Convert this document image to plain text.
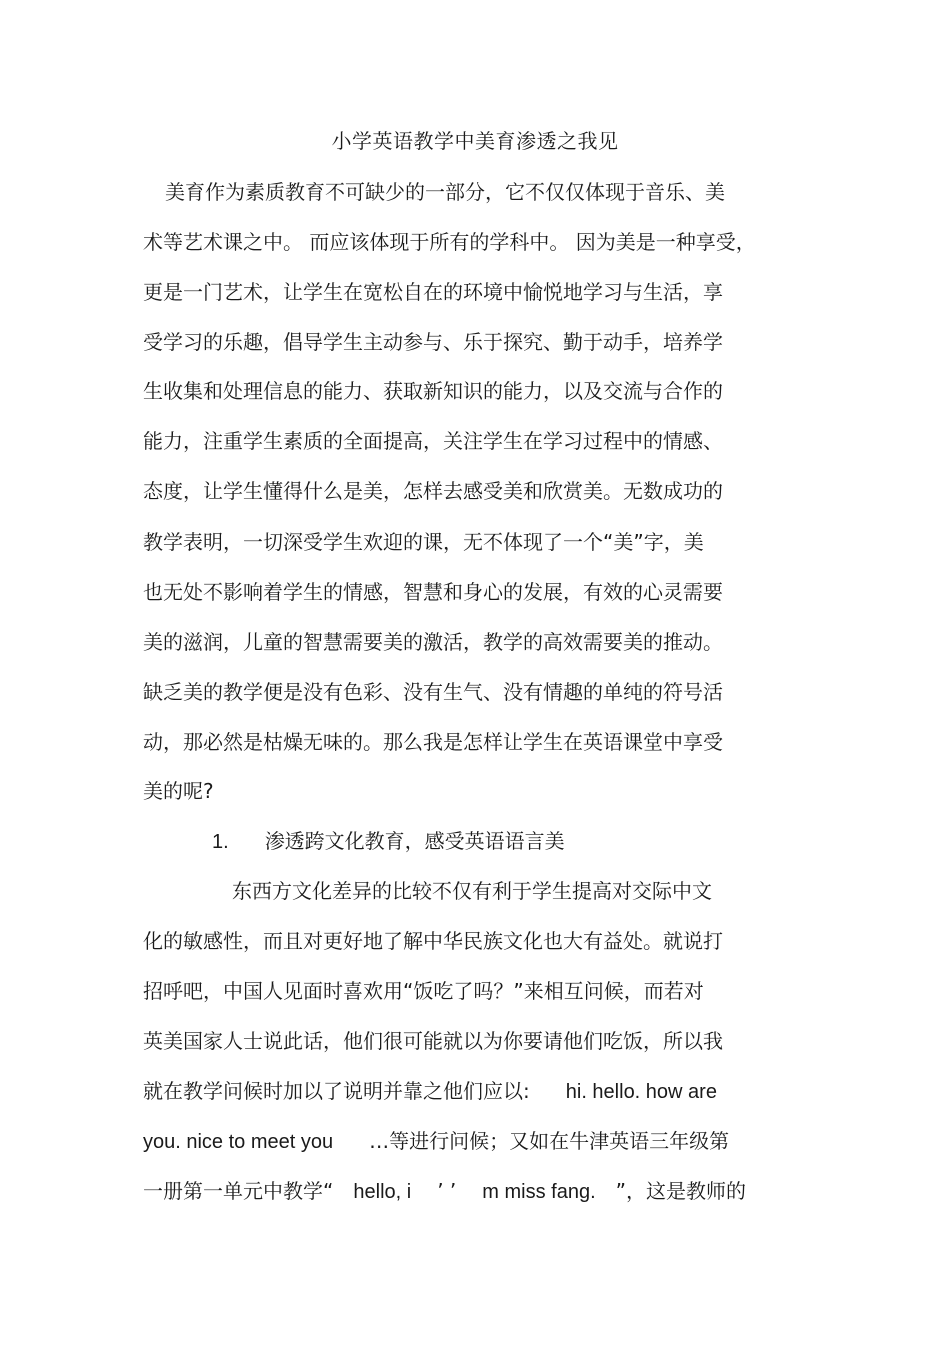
小学英语教学中美育渗透之我见
美育作为素质教育不可缺少的一部分，它不仅仅体现于音乐、美
术等艺术课之中。 而应该体现于所有的学科中。 因为美是一种享受，
更是一门艺术，让学生在宽松自在的环境中愉悦地学习与生活，享
受学习的乐趣，倡导学生主动参与、乐于探究、勤于动手，培养学
生收集和处理信息的能力、获取新知识的能力，以及交流与合作的
能力，注重学生素质的全面提高，关注学生在学习过程中的情感、
态度，让学生懂得什么是美，怎样去感受美和欣赏美。无数成功的
教学表明，一切深受学生欢迎的课，无不体现了一个“美”字，美
也无处不影响着学生的情感，智慧和身心的发展，有效的心灵需要
美的滋润，儿童的智慧需要美的激活，教学的高效需要美的推动。
缺乏美的教学便是没有色彩、没有生气、没有情趣的单纯的符号活
动，那必然是枯燥无味的。那么我是怎样让学生在英语课堂中享受
美的呢?
1. 渗透跨文化教育，感受英语语言美
东西方文化差异的比较不仅有利于学生提高对交际中文
化的敏感性，而且对更好地了解中华民族文化也大有益处。就说打
招呼吧，中国人见面时喜欢用“饭吃了吗？”来相互问候，而若对
英美国家人士说此话，他们很可能就以为你要请他们吃饭，所以我
就在教学问候时加以了说明并靠之他们应以: hi. hello. how are
you. nice to meet you …等进行问候；又如在牛津英语三年级第
一册第一单元中教学“ hello, i ’ ’ m miss fang. ”，这是教师的
